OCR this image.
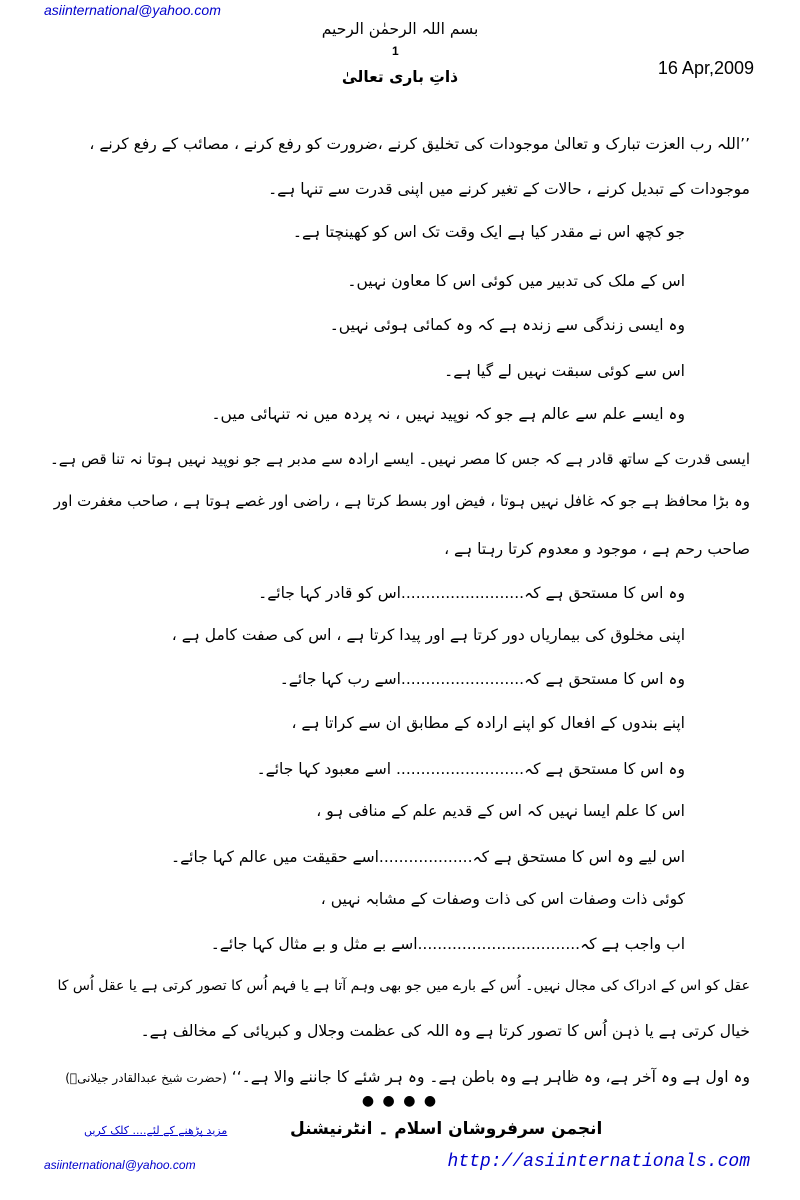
asiinternational@yahoo.com
بسم اللہ الرحمٰن الرحیم
1
16 Apr,2009
ذاتِ باری تعالیٰ
’’اللہ رب العزت تبارک و تعالیٰ موجودات کی تخلیق کرنے ،ضرورت کو رفع کرنے ، مصائب کے رفع کرنے ،
موجودات کے تبدیل کرنے ، حالات کے تغیر کرنے میں اپنی قدرت سے تنہا ہے۔
جو کچھ اس نے مقدر کیا ہے ایک وقت تک اس کو کھینچتا ہے۔
اس کے ملک کی تدبیر میں کوئی اس کا معاون نہیں۔
وہ ایسی زندگی سے زندہ ہے کہ وہ کمائی ہوئی نہیں۔
اس سے کوئی سبقت نہیں لے گیا ہے۔
وہ ایسے علم سے عالم ہے جو کہ نوپید نہیں ، نہ پردہ میں نہ تنہائی میں۔
ایسی قدرت کے ساتھ قادر ہے کہ جس کا مصر نہیں۔ ایسے ارادہ سے مدبر ہے جو نوپید نہیں ہوتا نہ تنا قص ہے۔
وہ بڑا محافظ ہے جو کہ غافل نہیں ہوتا ، فیض اور بسط کرتا ہے ، راضی اور غصے ہوتا ہے ، صاحب مغفرت اور
صاحب رحم ہے ، موجود و معدوم کرتا رہتا ہے ،
وہ اس کا مستحق ہے کہ.........................اس کو قادر کہا جائے۔
اپنی مخلوق کی بیماریاں دور کرتا ہے اور پیدا کرتا ہے ، اس کی صفت کامل ہے ،
وہ اس کا مستحق ہے کہ.........................اسے رب کہا جائے۔
اپنے بندوں کے افعال کو اپنے ارادہ کے مطابق ان سے کراتا ہے ،
وہ اس کا مستحق ہے کہ.......................... اسے معبود کہا جائے۔
اس کا علم ایسا نہیں کہ اس کے قدیم علم کے منافی ہو ،
اس لیے وہ اس کا مستحق ہے کہ...................اسے حقیقت میں عالم کہا جائے۔
کوئی ذات وصفات اس کی ذات وصفات کے مشابہ نہیں ،
اب واجب ہے کہ.................................اسے بے مثل و بے مثال کہا جائے۔
عقل کو اس کے ادراک کی مجال نہیں۔ اُس کے بارے میں جو بھی وہم آتا ہے یا فہم اُس کا تصور کرتی ہے یا عقل اُس کا
خیال کرتی ہے یا ذہن اُس کا تصور کرتا ہے وہ اللہ کی عظمت وجلال و کبریائی کے مخالف ہے۔
وہ اول ہے وہ آخر ہے، وہ ظاہر ہے وہ باطن ہے۔ وہ ہر شئے کا جاننے والا ہے۔‘‘ (حضرت شیخ عبدالقادر جیلانیؒ)
● ● ● ●
مزید پڑھنے کے لئے.... کلک کریں	انجمن سرفروشان اسلام ۔ انٹرنیشنل
asiinternational@yahoo.com	http://asiinternationals.com
